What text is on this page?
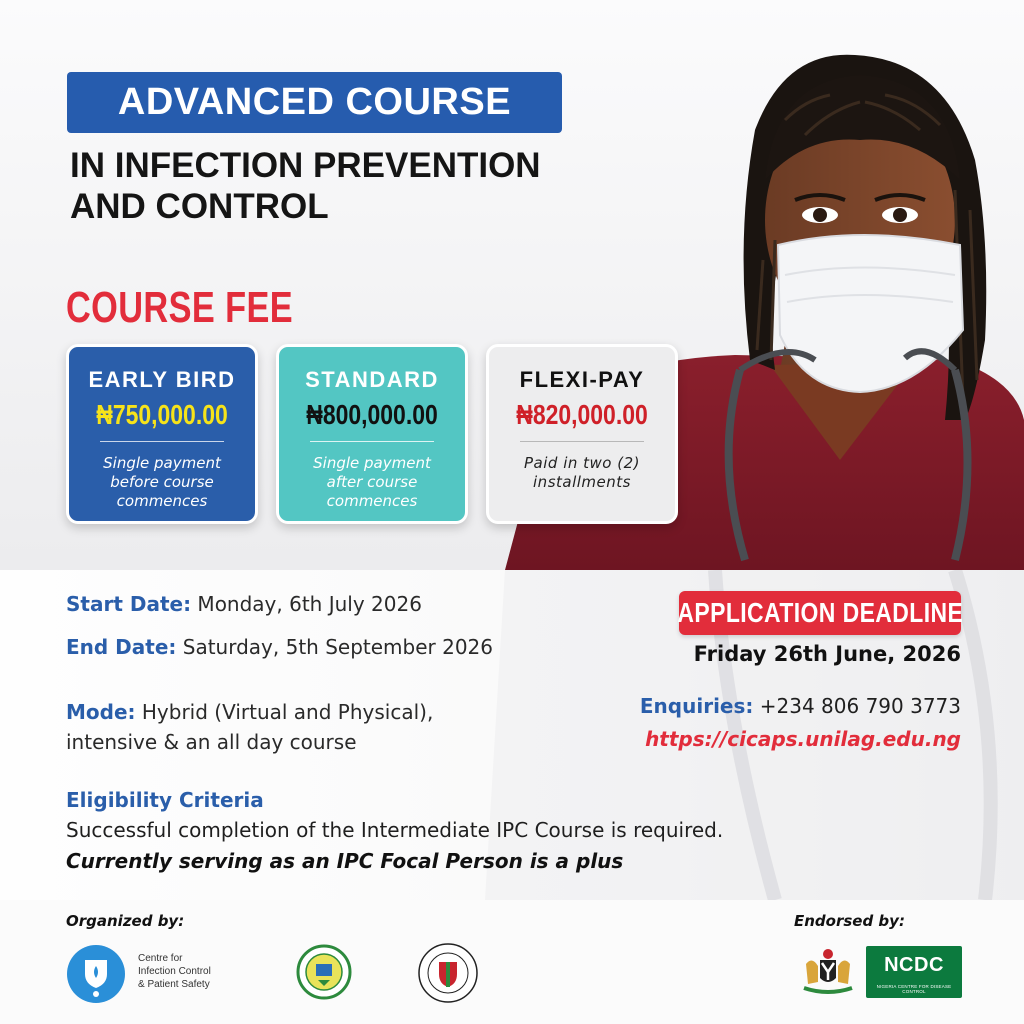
ADVANCED COURSE
IN INFECTION PREVENTION
AND CONTROL
COURSE FEE
EARLY BIRD
₦750,000.00
Single payment
before course
commences
STANDARD
₦800,000.00
Single payment
after course
commences
FLEXI-PAY
₦820,000.00
Paid in two (2)
installments
Start Date: Monday, 6th July 2026
End Date: Saturday, 5th September 2026
Mode: Hybrid (Virtual and Physical),
intensive & an all day course
Eligibility Criteria
Successful completion of the Intermediate IPC Course is required.
Currently serving as an IPC Focal Person is a plus
APPLICATION DEADLINE
Friday 26th June, 2026
Enquiries: +234 806 790 3773
https://cicaps.unilag.edu.ng
Organized by:	Endorsed by:
Centre for
Infection Control
& Patient Safety
NCDC
NIGERIA CENTRE FOR DISEASE CONTROL
